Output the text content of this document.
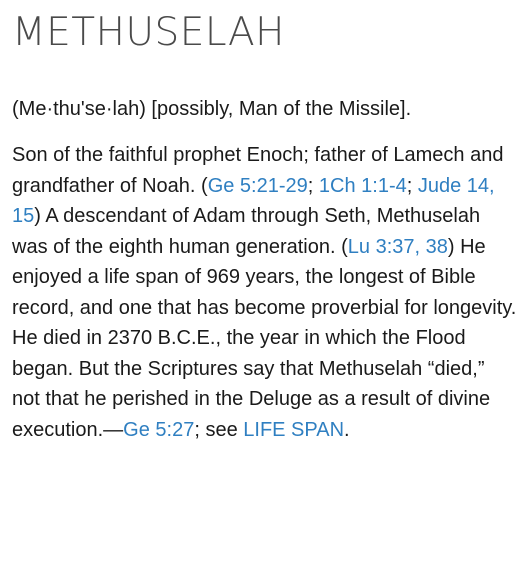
METHUSELAH

(Me·thu'se·lah) [possibly, Man of the Missile].

Son of the faithful prophet Enoch; father of Lamech and grandfather of Noah. (Ge 5:21-29; 1Ch 1:1-4; Jude 14, 15) A descendant of Adam through Seth, Methuselah was of the eighth human generation. (Lu 3:37, 38) He enjoyed a life span of 969 years, the longest of Bible record, and one that has become proverbial for longevity. He died in 2370 B.C.E., the year in which the Flood began. But the Scriptures say that Methuselah “died,” not that he perished in the Deluge as a result of divine execution.—Ge 5:27; see LIFE SPAN.
